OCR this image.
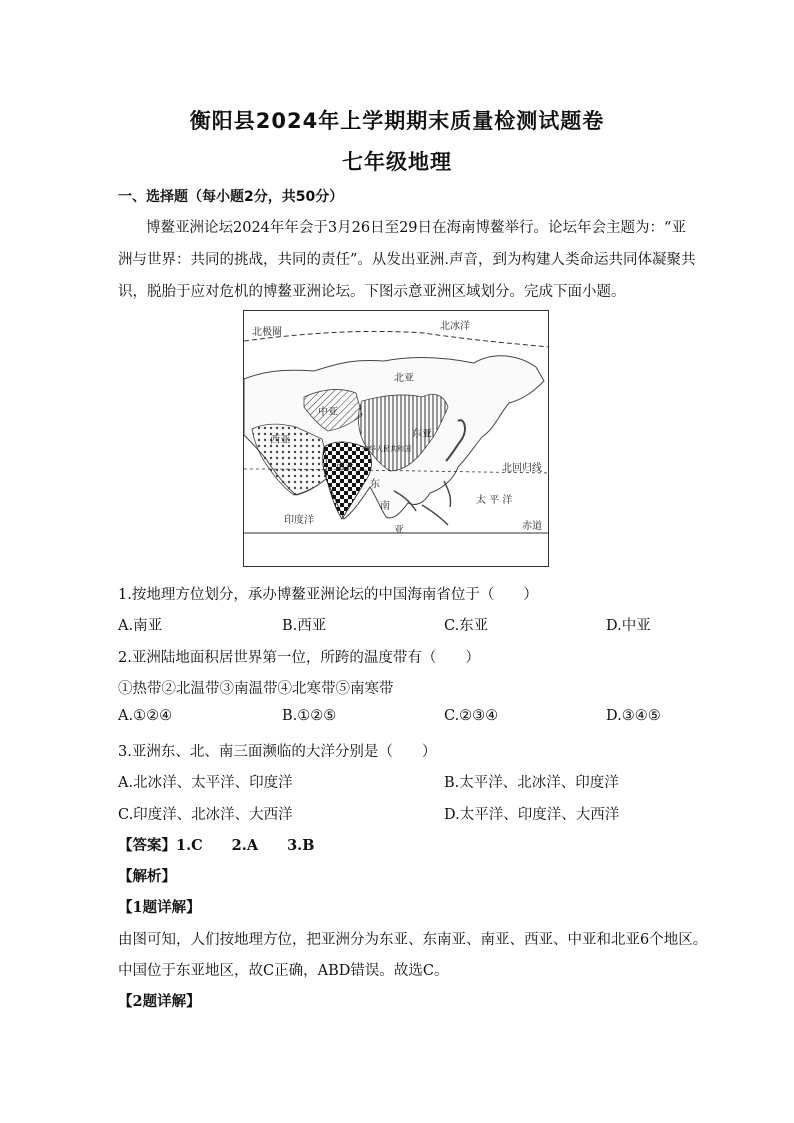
衡阳县2024年上学期期末质量检测试题卷
七年级地理
一、选择题（每小题2分，共50分）
博鳌亚洲论坛2024年年会于3月26日至29日在海南博鳌举行。论坛年会主题为：“亚
洲与世界：共同的挑战，共同的责任”。从发出亚洲.声音，到为构建人类命运共同体凝聚共
识，脱胎于应对危机的博鳌亚洲论坛。下图示意亚洲区域划分。完成下面小题。
北极圈
北冰洋
北亚
中亚
西亚
东亚
中华人民共和国
南亚
东
南
亚
北回归线
太 平 洋
印度洋
赤道
1.按地理方位划分，承办博鳌亚洲论坛的中国海南省位于（　　）
A.南亚	B.西亚	C.东亚	D.中亚
2.亚洲陆地面积居世界第一位，所跨的温度带有（　　）
①热带②北温带③南温带④北寒带⑤南寒带
A.①②④	B.①②⑤	C.②③④	D.③④⑤
3.亚洲东、北、南三面濒临的大洋分别是（　　）
A.北冰洋、太平洋、印度洋	B.太平洋、北冰洋、印度洋
C.印度洋、北冰洋、大西洋	D.太平洋、印度洋、大西洋
【答案】1.C　　2.A　　3.B
【解析】
【1题详解】
由图可知，人们按地理方位，把亚洲分为东亚、东南亚、南亚、西亚、中亚和北亚6个地区。
中国位于东亚地区，故C正确，ABD错误。故选C。
【2题详解】
